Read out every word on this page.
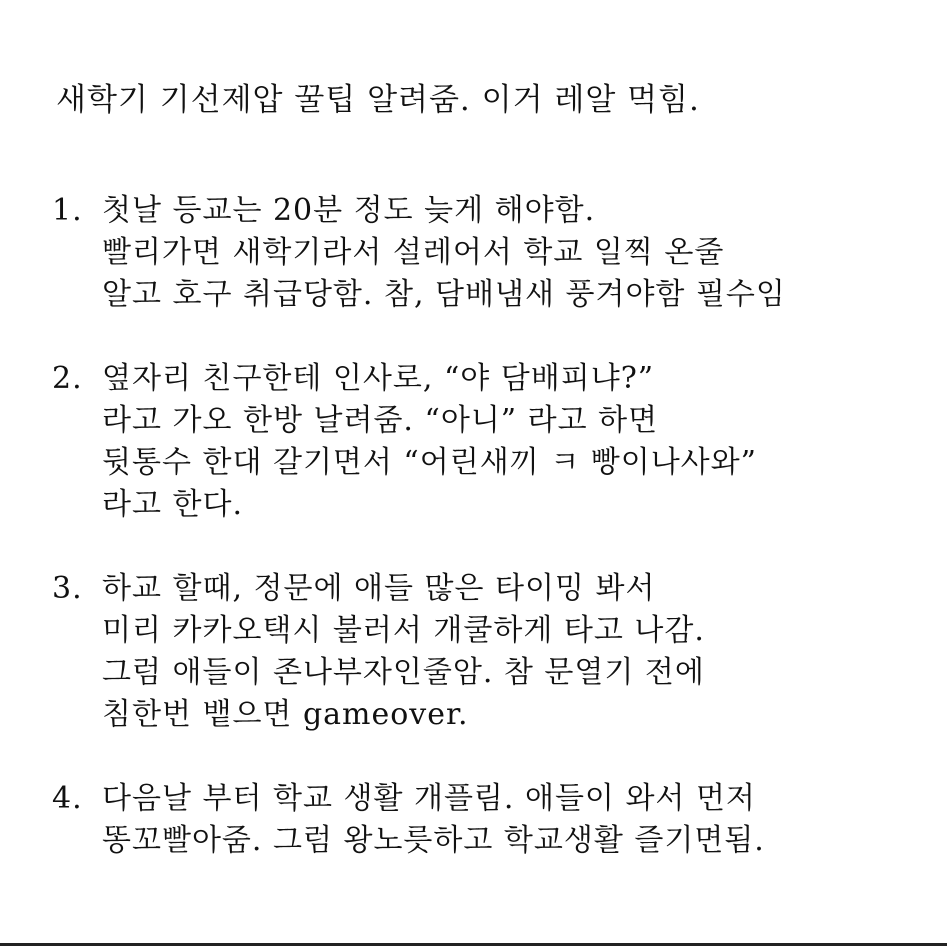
새학기 기선제압 꿀팁 알려줌. 이거 레알 먹힘.
1. 첫날 등교는 20분 정도 늦게 해야함.
빨리가면 새학기라서 설레어서 학교 일찍 온줄
알고 호구 취급당함. 참, 담배냄새 풍겨야함 필수임
2. 옆자리 친구한테 인사로, “야 담배피냐?”
라고 가오 한방 날려줌. “아니” 라고 하면
뒷통수 한대 갈기면서 “어린새끼 ㅋ 빵이나사와”
라고 한다.
3. 하교 할때, 정문에 애들 많은 타이밍 봐서
미리 카카오택시 불러서 개쿨하게 타고 나감.
그럼 애들이 존나부자인줄암. 참 문열기 전에
침한번 뱉으면 gameover.
4. 다음날 부터 학교 생활 개플림. 애들이 와서 먼저
똥꼬빨아줌. 그럼 왕노릇하고 학교생활 즐기면됨.
